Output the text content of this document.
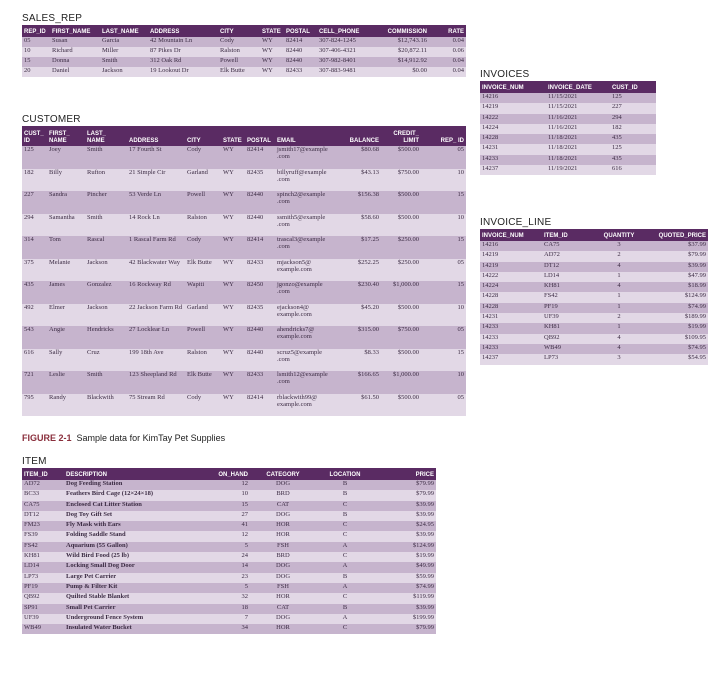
SALES_REP
REP_ID	FIRST_NAME	LAST_NAME	ADDRESS	CITY	STATE	POSTAL	CELL_PHONE	COMMISSION	RATE
05	Susan	Garcia	42 Mountain Ln	Cody	WY	82414	307-824-1245	$12,743.16	0.04
10	Richard	Miller	87 Pikes Dr	Ralston	WY	82440	307-406-4321	$20,872.11	0.06
15	Donna	Smith	312 Oak Rd	Powell	WY	82440	307-982-8401	$14,912.92	0.04
20	Daniel	Jackson	19 Lookout Dr	Elk Butte	WY	82433	307-883-9481	$0.00	0.04
CUSTOMER
CUST_ ID	FIRST_ NAME	LAST_ NAME	ADDRESS	CITY	STATE	POSTAL	EMAIL	BALANCE	CREDIT_ LIMIT	REP_ ID
125	Joey	Smith	17 Fourth St	Cody	WY	82414	jsmith17@example .com	$80.68	$500.00	05
182	Billy	Rufton	21 Simple Cir	Garland	WY	82435	billyruff@example .com	$43.13	$750.00	10
227	Sandra	Pincher	53 Verde Ln	Powell	WY	82440	spinch2@example .com	$156.38	$500.00	15
294	Samantha	Smith	14 Rock Ln	Ralston	WY	82440	ssmith5@example .com	$58.60	$500.00	10
314	Tom	Rascal	1 Rascal Farm Rd	Cody	WY	82414	trascal3@example .com	$17.25	$250.00	15
375	Melanie	Jackson	42 Blackwater Way	Elk Butte	WY	82433	mjackson5@ example.com	$252.25	$250.00	05
435	James	Gonzalez	16 Rockway Rd	Wapiti	WY	82450	jgonzo@example .com	$230.40	$1,000.00	15
492	Elmer	Jackson	22 Jackson Farm Rd	Garland	WY	82435	ejackson4@ example.com	$45.20	$500.00	10
543	Angie	Hendricks	27 Locklear Ln	Powell	WY	82440	ahendricks7@ example.com	$315.00	$750.00	05
616	Sally	Cruz	199 18th Ave	Ralston	WY	82440	scruz5@example .com	$8.33	$500.00	15
721	Leslie	Smith	123 Sheepland Rd	Elk Butte	WY	82433	lsmith12@example .com	$166.65	$1,000.00	10
795	Randy	Blackwith	75 Stream Rd	Cody	WY	82414	rblackwith99@ example.com	$61.50	$500.00	05
INVOICES
INVOICE_NUM	INVOICE_DATE	CUST_ID
14216	11/15/2021	125
14219	11/15/2021	227
14222	11/16/2021	294
14224	11/16/2021	182
14228	11/18/2021	435
14231	11/18/2021	125
14233	11/18/2021	435
14237	11/19/2021	616
INVOICE_LINE
INVOICE_NUM	ITEM_ID	QUANTITY	QUOTED_PRICE
14216	CA75	3	$37.99
14219	AD72	2	$79.99
14219	DT12	4	$39.99
14222	LD14	1	$47.99
14224	KH81	4	$18.99
14228	FS42	1	$124.99
14228	PF19	1	$74.99
14231	UF39	2	$189.99
14233	KH81	1	$19.99
14233	QB92	4	$109.95
14233	WB49	4	$74.95
14237	LP73	3	$54.95
FIGURE 2-1 Sample data for KimTay Pet Supplies
ITEM
ITEM_ID	DESCRIPTION	ON_HAND	CATEGORY	LOCATION	PRICE
AD72	Dog Feeding Station	12	DOG	B	$79.99
BC33	Feathers Bird Cage (12×24×18)	10	BRD	B	$79.99
CA75	Enclosed Cat Litter Station	15	CAT	C	$39.99
DT12	Dog Toy Gift Set	27	DOG	B	$39.99
FM23	Fly Mask with Ears	41	HOR	C	$24.95
FS39	Folding Saddle Stand	12	HOR	C	$39.99
FS42	Aquarium (55 Gallon)	5	FSH	A	$124.99
KH81	Wild Bird Food (25 lb)	24	BRD	C	$19.99
LD14	Locking Small Dog Door	14	DOG	A	$49.99
LP73	Large Pet Carrier	23	DOG	B	$59.99
PF19	Pump & Filter Kit	5	FSH	A	$74.99
QB92	Quilted Stable Blanket	32	HOR	C	$119.99
SP91	Small Pet Carrier	18	CAT	B	$39.99
UF39	Underground Fence System	7	DOG	A	$199.99
WB49	Insulated Water Bucket	34	HOR	C	$79.99
